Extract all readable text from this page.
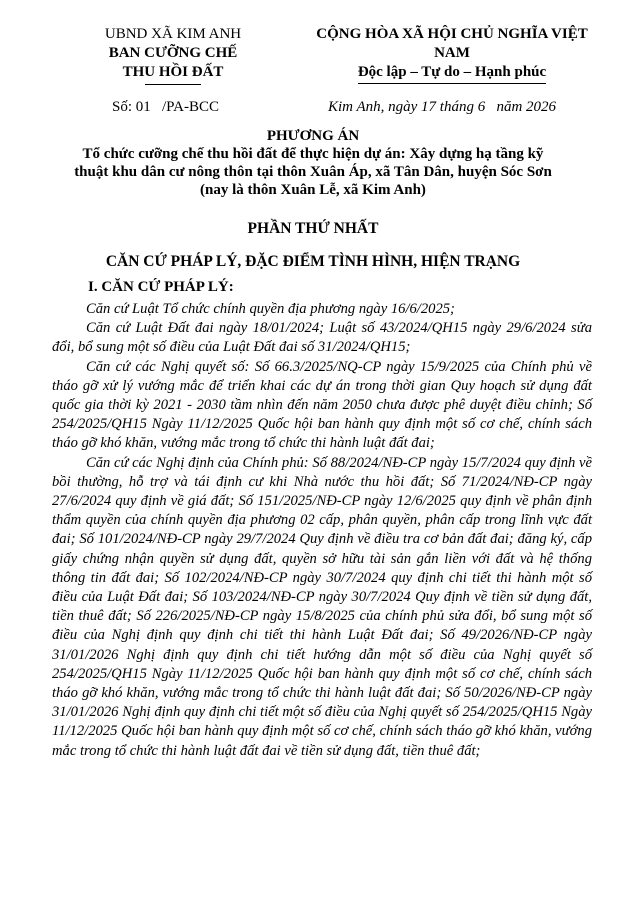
UBND XÃ KIM ANH
BAN CƯỠNG CHẾ
THU HỒI ĐẤT
CỘNG HÒA XÃ HỘI CHỦ NGHĨA VIỆT NAM
Độc lập – Tự do – Hạnh phúc
Số: 01   /PA-BCC	Kim Anh, ngày 17 tháng 6   năm 2026
PHƯƠNG ÁN
Tổ chức cưỡng chế thu hồi đất để thực hiện dự án: Xây dựng hạ tầng kỹ
thuật khu dân cư nông thôn tại thôn Xuân Áp, xã Tân Dân, huyện Sóc Sơn
(nay là thôn Xuân Lễ, xã Kim Anh)
PHẦN THỨ NHẤT
CĂN CỨ PHÁP LÝ, ĐẶC ĐIỂM TÌNH HÌNH, HIỆN TRẠNG
I. CĂN CỨ PHÁP LÝ:

Căn cứ Luật Tổ chức chính quyền địa phương ngày 16/6/2025;

Căn cứ Luật Đất đai ngày 18/01/2024; Luật số 43/2024/QH15 ngày 29/6/2024 sửa đổi, bổ sung một số điều của Luật Đất đai số 31/2024/QH15;

Căn cứ các Nghị quyết số: Số 66.3/2025/NQ-CP ngày 15/9/2025 của Chính phủ về tháo gỡ xử lý vướng mắc để triển khai các dự án trong thời gian Quy hoạch sử dụng đất quốc gia thời kỳ 2021 - 2030 tầm nhìn đến năm 2050 chưa được phê duyệt điều chỉnh; Số 254/2025/QH15 Ngày 11/12/2025 Quốc hội ban hành quy định một số cơ chế, chính sách tháo gỡ khó khăn, vướng mắc trong tổ chức thi hành luật đất đai;

Căn cứ các Nghị định của Chính phủ: Số 88/2024/NĐ-CP ngày 15/7/2024 quy định về bồi thường, hỗ trợ và tái định cư khi Nhà nước thu hồi đất; Số 71/2024/NĐ-CP ngày 27/6/2024 quy định về giá đất; Số 151/2025/NĐ-CP ngày 12/6/2025 quy định về phân định thẩm quyền của chính quyền địa phương 02 cấp, phân quyền, phân cấp trong lĩnh vực đất đai; Số 101/2024/NĐ-CP ngày 29/7/2024 Quy định về điều tra cơ bản đất đai; đăng ký, cấp giấy chứng nhận quyền sử dụng đất, quyền sở hữu tài sản gắn liền với đất và hệ thống thông tin đất đai; Số 102/2024/NĐ-CP ngày 30/7/2024 quy định chi tiết thi hành một số điều của Luật Đất đai; Số 103/2024/NĐ-CP ngày 30/7/2024 Quy định về tiền sử dụng đất, tiền thuê đất; Số 226/2025/NĐ-CP ngày 15/8/2025 của chính phủ sửa đổi, bổ sung một số điều của Nghị định quy định chi tiết thi hành Luật Đất đai; Số 49/2026/NĐ-CP ngày 31/01/2026 Nghị định quy định chi tiết hướng dẫn một số điều của Nghị quyết số 254/2025/QH15 Ngày 11/12/2025 Quốc hội ban hành quy định một số cơ chế, chính sách tháo gỡ khó khăn, vướng mắc trong tổ chức thi hành luật đất đai; Số 50/2026/NĐ-CP ngày 31/01/2026 Nghị định quy định chi tiết một số điều của Nghị quyết số 254/2025/QH15 Ngày 11/12/2025 Quốc hội ban hành quy định một số cơ chế, chính sách tháo gỡ khó khăn, vướng mắc trong tổ chức thi hành luật đất đai về tiền sử dụng đất, tiền thuê đất;
